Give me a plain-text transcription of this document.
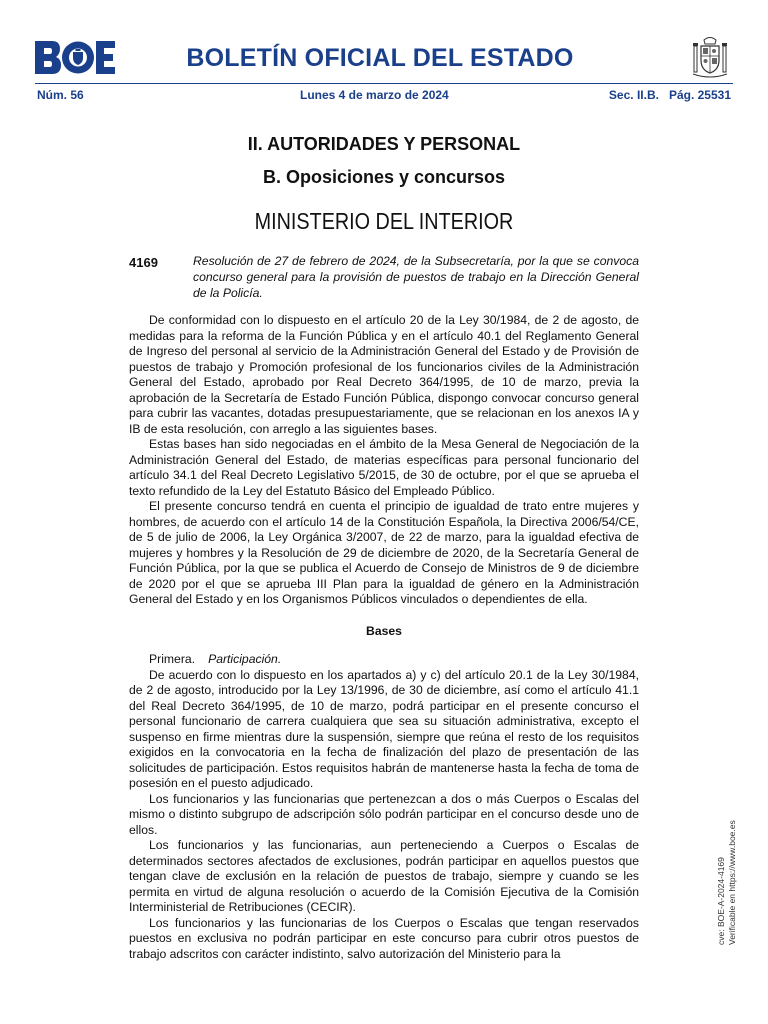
BOLETÍN OFICIAL DEL ESTADO
Núm. 56	Lunes 4 de marzo de 2024	Sec. II.B. Pág. 25531
II. AUTORIDADES Y PERSONAL
B. Oposiciones y concursos
MINISTERIO DEL INTERIOR
4169	Resolución de 27 de febrero de 2024, de la Subsecretaría, por la que se convoca concurso general para la provisión de puestos de trabajo en la Dirección General de la Policía.

De conformidad con lo dispuesto en el artículo 20 de la Ley 30/1984, de 2 de agosto, de medidas para la reforma de la Función Pública y en el artículo 40.1 del Reglamento General de Ingreso del personal al servicio de la Administración General del Estado y de Provisión de puestos de trabajo y Promoción profesional de los funcionarios civiles de la Administración General del Estado, aprobado por Real Decreto 364/1995, de 10 de marzo, previa la aprobación de la Secretaría de Estado Función Pública, dispongo convocar concurso general para cubrir las vacantes, dotadas presupuestariamente, que se relacionan en los anexos IA y IB de esta resolución, con arreglo a las siguientes bases.

Estas bases han sido negociadas en el ámbito de la Mesa General de Negociación de la Administración General del Estado, de materias específicas para personal funcionario del artículo 34.1 del Real Decreto Legislativo 5/2015, de 30 de octubre, por el que se aprueba el texto refundido de la Ley del Estatuto Básico del Empleado Público.

El presente concurso tendrá en cuenta el principio de igualdad de trato entre mujeres y hombres, de acuerdo con el artículo 14 de la Constitución Española, la Directiva 2006/54/CE, de 5 de julio de 2006, la Ley Orgánica 3/2007, de 22 de marzo, para la igualdad efectiva de mujeres y hombres y la Resolución de 29 de diciembre de 2020, de la Secretaría General de Función Pública, por la que se publica el Acuerdo de Consejo de Ministros de 9 de diciembre de 2020 por el que se aprueba III Plan para la igualdad de género en la Administración General del Estado y en los Organismos Públicos vinculados o dependientes de ella.

Bases

Primera. Participación.

De acuerdo con lo dispuesto en los apartados a) y c) del artículo 20.1 de la Ley 30/1984, de 2 de agosto, introducido por la Ley 13/1996, de 30 de diciembre, así como el artículo 41.1 del Real Decreto 364/1995, de 10 de marzo, podrá participar en el presente concurso el personal funcionario de carrera cualquiera que sea su situación administrativa, excepto el suspenso en firme mientras dure la suspensión, siempre que reúna el resto de los requisitos exigidos en la convocatoria en la fecha de finalización del plazo de presentación de las solicitudes de participación. Estos requisitos habrán de mantenerse hasta la fecha de toma de posesión en el puesto adjudicado.

Los funcionarios y las funcionarias que pertenezcan a dos o más Cuerpos o Escalas del mismo o distinto subgrupo de adscripción sólo podrán participar en el concurso desde uno de ellos.

Los funcionarios y las funcionarias, aun perteneciendo a Cuerpos o Escalas de determinados sectores afectados de exclusiones, podrán participar en aquellos puestos que tengan clave de exclusión en la relación de puestos de trabajo, siempre y cuando se les permita en virtud de alguna resolución o acuerdo de la Comisión Ejecutiva de la Comisión Interministerial de Retribuciones (CECIR).

Los funcionarios y las funcionarias de los Cuerpos o Escalas que tengan reservados puestos en exclusiva no podrán participar en este concurso para cubrir otros puestos de trabajo adscritos con carácter indistinto, salvo autorización del Ministerio para la

cve: BOE-A-2024-4169 Verificable en https://www.boe.es
